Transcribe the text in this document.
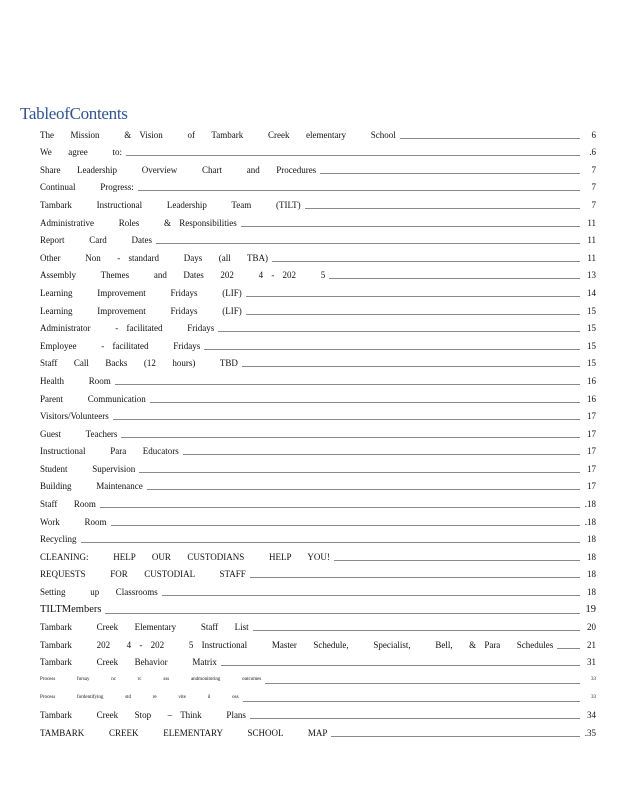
TableofContents
The  Mission   & Vision   of  Tambark   Creek  elementary   School	6
We  agree   to:	.6
Share  Leadership   Overview   Chart   and  Procedures	7
Continual   Progress:	7
Tambark   Instructional   Leadership   Team   (TILT)	7
Administrative   Roles   & Responsibilities	11
Report   Card   Dates	11
Other   Non  - standard   Days  (all  TBA)	11
Assembly   Themes   and  Dates  202   4 - 202   5	13
Learning   Improvement   Fridays   (LIF)	14
Learning   Improvement   Fridays   (LIF)	15
Administrator   - facilitated   Fridays	15
Employee   - facilitated   Fridays	15
Staff  Call  Backs  (12  hours)   TBD	15
Health   Room	16
Parent   Communication	16
Visitors/Volunteers	17
Guest   Teachers	17
Instructional   Para  Educators	17
Student   Supervision	17
Building   Maintenance	17
Staff  Room	.18
Work   Room	.18
Recycling	18
CLEANING:   HELP  OUR  CUSTODIANS   HELP  YOU!	18
REQUESTS   FOR  CUSTODIAL   STAFF	18
Setting   up  Classrooms	18
TILTMembers	19
Tambark   Creek  Elementary   Staff  List	20
Tambark   202  4 - 202   5 Instructional   Master  Schedule,   Specialist,   Bell,  & Para  Schedules	21
Tambark   Creek  Behavior   Matrix	31
Process   forsay   nc   rc   sss   andmonitoring   outcomes	33
Process   fordentifying   std   re   vite   il   oss	33
Tambark   Creek  Stop  – Think   Plans	34
TAMBARK   CREEK   ELEMENTARY   SCHOOL   MAP	.35
